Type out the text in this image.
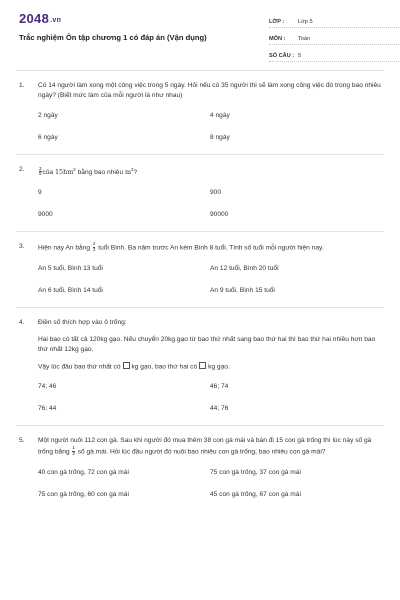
2048.vn
Trắc nghiệm Ôn tập chương 1 có đáp án (Vận dụng)
LỚP :	Lớp 5
MÔN :	Toán
SỐ CÂU : 5
1. Có 14 người làm xong một công việc trong 5 ngày. Hỏi nếu có 35 người thì sẽ làm xong công việc đó trong bao nhiêu ngày? (Biết mức làm của mỗi người là như nhau)
2 ngày	4 ngày
6 ngày	8 ngày
2.	$\frac{3}{5}$ của $15hm^2$ bằng bao nhiêu $m^2$?
9	900
9000	90000
3. Hiện nay An bằng $\frac{2}{3}$ tuổi Bình. Ba năm trước An kém Bình 8 tuổi. Tính số tuổi mỗi người hiện nay.
An 5 tuổi, Bình 13 tuổi	An 12 tuổi, Bình 20 tuổi
An 6 tuổi, Bình 14 tuổi	An 9 tuổi, Bình 15 tuổi
4. Điền số thích hợp vào ô trống:
Hai bao có tất cả 120kg gạo. Nếu chuyển 20kg gạo từ bao thứ nhất sang bao thứ hai thì bao thứ hai nhiều hơn bao thứ nhất 12kg gạo.
Vậy lúc đầu bao thứ nhất có kg gạo, bao thứ hai có kg gạo.
74; 46	46; 74
76; 44	44; 76
5. Một người nuôi 112 con gà. Sau khi người đó mua thêm 38 con gà mái và bán đi 15 con gà trống thì lúc này số gà trống bằng $\frac{1}{2}$ số gà mái. Hỏi lúc đầu người đó nuôi bao nhiêu con gà trống, bao nhiêu con gà mái?
40 con gà trống, 72 con gà mái	75 con gà trống, 37 con gà mái
75 con gà trống, 60 con gà mái	45 con gà trống, 67 con gà mái
